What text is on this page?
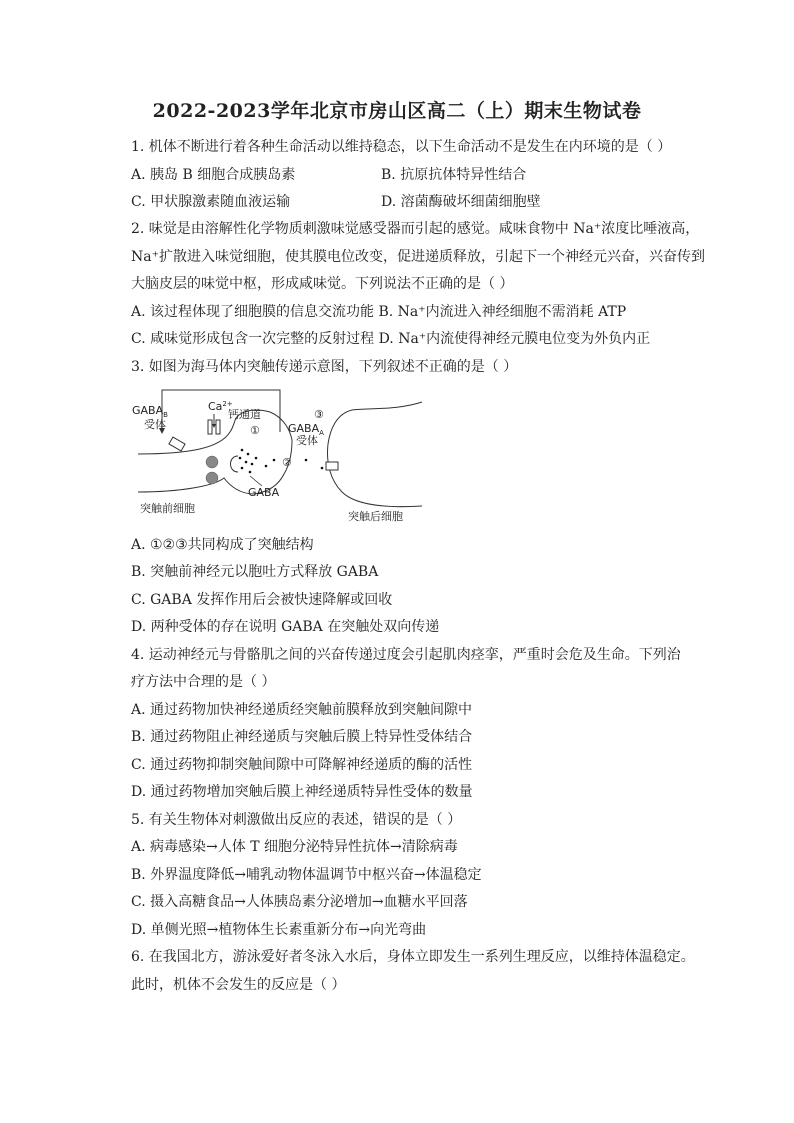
2022-2023学年北京市房山区高二（上）期末生物试卷
1. 机体不断进行着各种生命活动以维持稳态，以下生命活动不是发生在内环境的是（ ）
A. 胰岛 B 细胞合成胰岛素	B. 抗原抗体特异性结合
C. 甲状腺激素随血液运输	D. 溶菌酶破坏细菌细胞壁
2. 味觉是由溶解性化学物质刺激味觉感受器而引起的感觉。咸味食物中 Na⁺浓度比唾液高，
Na⁺扩散进入味觉细胞，使其膜电位改变，促进递质释放，引起下一个神经元兴奋，兴奋传到
大脑皮层的味觉中枢，形成咸味觉。下列说法不正确的是（ ）
A. 该过程体现了细胞膜的信息交流功能 B. Na⁺内流进入神经细胞不需消耗 ATP
C. 咸味觉形成包含一次完整的反射过程 D. Na⁺内流使得神经元膜电位变为外负内正
3. 如图为海马体内突触传递示意图，下列叙述不正确的是（ ）
$GABA_B$
受体
$Ca^{2+}$
钙通道
①
②
③
$GABA_A$
受体
GABA
突触前细胞
突触后细胞
A. ①②③共同构成了突触结构
B. 突触前神经元以胞吐方式释放 GABA
C. GABA 发挥作用后会被快速降解或回收
D. 两种受体的存在说明 GABA 在突触处双向传递
4. 运动神经元与骨骼肌之间的兴奋传递过度会引起肌肉痉挛，严重时会危及生命。下列治
疗方法中合理的是（ ）
A. 通过药物加快神经递质经突触前膜释放到突触间隙中
B. 通过药物阻止神经递质与突触后膜上特异性受体结合
C. 通过药物抑制突触间隙中可降解神经递质的酶的活性
D. 通过药物增加突触后膜上神经递质特异性受体的数量
5. 有关生物体对刺激做出反应的表述，错误的是（ ）
A. 病毒感染→人体 T 细胞分泌特异性抗体→清除病毒
B. 外界温度降低→哺乳动物体温调节中枢兴奋→体温稳定
C. 摄入高糖食品→人体胰岛素分泌增加→血糖水平回落
D. 单侧光照→植物体生长素重新分布→向光弯曲
6. 在我国北方，游泳爱好者冬泳入水后，身体立即发生一系列生理反应，以维持体温稳定。
此时，机体不会发生的反应是（ ）
